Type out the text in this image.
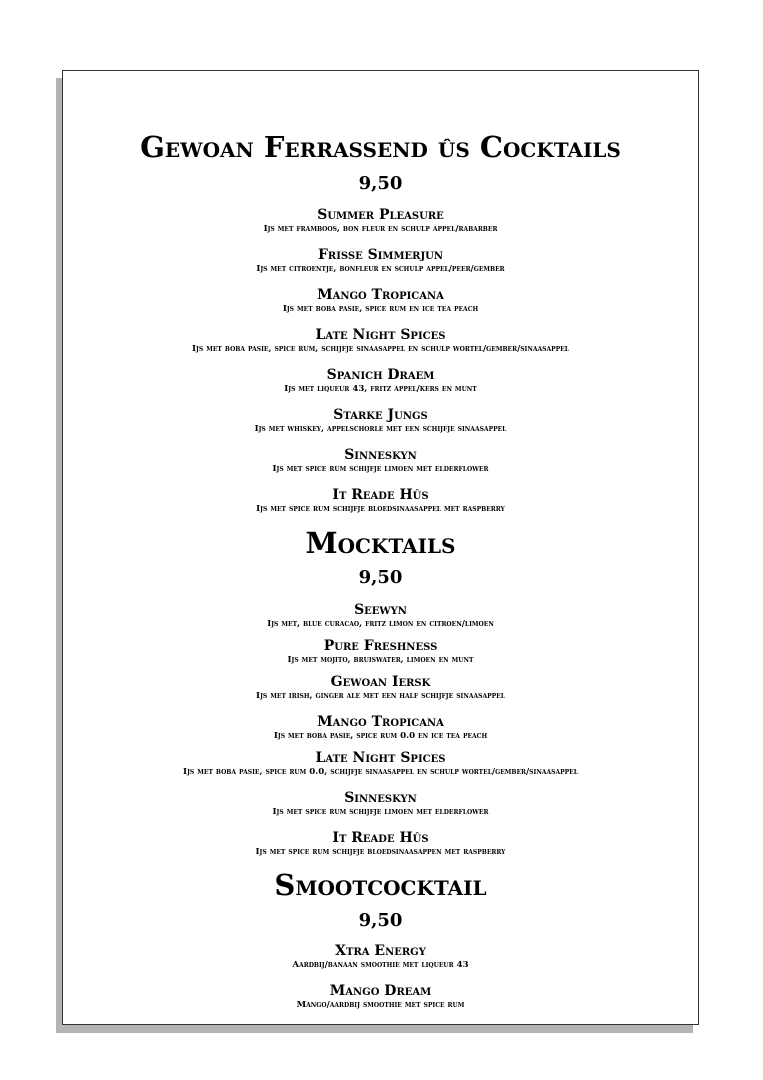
Gewoan Ferrassend ûs Cocktails
9,50
Summer Pleasure
Ijs met framboos, bon fleur en schulp appel/rabarber
Frisse Simmerjun
Ijs met citroentje, bonfleur en schulp appel/peer/gember
Mango Tropicana
Ijs met boba pasie, spice rum en ice tea peach
Late Night Spices
Ijs met boba pasie, spice rum, schijfje sinaasappel en schulp wortel/gember/sinaasappel
Spanich Draem
Ijs met liqueur 43, fritz appel/kers en munt
Starke Jungs
Ijs met whiskey, appelschorle met een schijfje sinaasappel
Sinneskyn
Ijs met spice rum schijfje limoen met elderflower
It Reade Hûs
Ijs met spice rum schijfje bloedsinaasappel met raspberry
Mocktails
9,50
Seewyn
Ijs met, blue curacao, fritz limon en citroen/limoen
Pure Freshness
Ijs met mojito, bruiswater, limoen en munt
Gewoan Iersk
Ijs met irish, ginger ale met een half schijfje sinaasappel
Mango Tropicana
Ijs met boba pasie, spice rum 0.0 en ice tea peach
Late Night Spices
Ijs met boba pasie, spice rum 0.0, schijfje sinaasappel en schulp wortel/gember/sinaasappel
Sinneskyn
Ijs met spice rum schijfje limoen met elderflower
It Reade Hûs
Ijs met spice rum schijfje bloedsinaasappen met raspberry
Smootcocktail
9,50
Xtra Energy
Aardbij/banaan smoothie met liqueur 43
Mango Dream
Mango/aardbij smoothie met spice rum
